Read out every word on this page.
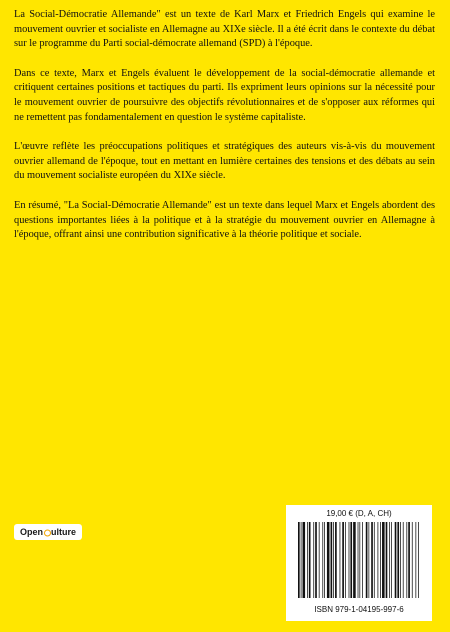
La Social-Démocratie Allemande" est un texte de Karl Marx et Friedrich Engels qui examine le mouvement ouvrier et socialiste en Allemagne au XIXe siècle. Il a été écrit dans le contexte du débat sur le programme du Parti social-démocrate allemand (SPD) à l'époque.

Dans ce texte, Marx et Engels évaluent le développement de la social-démocratie allemande et critiquent certaines positions et tactiques du parti. Ils expriment leurs opinions sur la nécessité pour le mouvement ouvrier de poursuivre des objectifs révolutionnaires et de s'opposer aux réformes qui ne remettent pas fondamentalement en question le système capitaliste.

L'œuvre reflète les préoccupations politiques et stratégiques des auteurs vis-à-vis du mouvement ouvrier allemand de l'époque, tout en mettant en lumière certaines des tensions et des débats au sein du mouvement socialiste européen du XIXe siècle.

En résumé, "La Social-Démocratie Allemande" est un texte dans lequel Marx et Engels abordent des questions importantes liées à la politique et à la stratégie du mouvement ouvrier en Allemagne à l'époque, offrant ainsi une contribution significative à la théorie politique et sociale.

Open ulture
19,00 € (D, A, CH)
ISBN 979-1-04195-997-6
